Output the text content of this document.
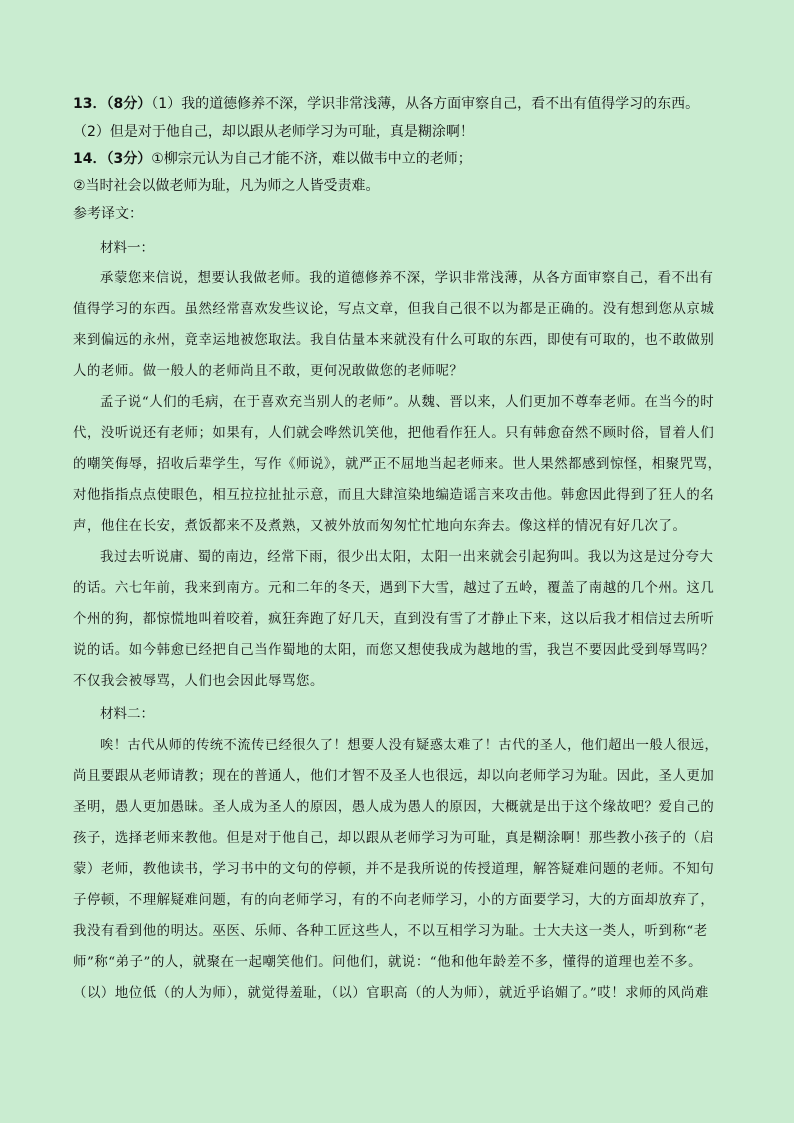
13．（8分）（1）我的道德修养不深，学识非常浅薄，从各方面审察自己，看不出有值得学习的东西。
（2）但是对于他自己，却以跟从老师学习为可耻，真是糊涂啊！
14．（3分）①柳宗元认为自己才能不济，难以做韦中立的老师；
②当时社会以做老师为耻，凡为师之人皆受责难。
参考译文：
材料一：
承蒙您来信说，想要认我做老师。我的道德修养不深，学识非常浅薄，从各方面审察自己，看不出有
值得学习的东西。虽然经常喜欢发些议论，写点文章，但我自己很不以为都是正确的。没有想到您从京城
来到偏远的永州，竟幸运地被您取法。我自估量本来就没有什么可取的东西，即使有可取的，也不敢做别
人的老师。做一般人的老师尚且不敢，更何况敢做您的老师呢？
孟子说“人们的毛病，在于喜欢充当别人的老师”。从魏、晋以来，人们更加不尊奉老师。在当今的时
代，没听说还有老师；如果有，人们就会哗然讥笑他，把他看作狂人。只有韩愈奋然不顾时俗，冒着人们
的嘲笑侮辱，招收后辈学生，写作《师说》，就严正不屈地当起老师来。世人果然都感到惊怪，相聚咒骂，
对他指指点点使眼色，相互拉拉扯扯示意，而且大肆渲染地编造谣言来攻击他。韩愈因此得到了狂人的名
声，他住在长安，煮饭都来不及煮熟，又被外放而匆匆忙忙地向东奔去。像这样的情况有好几次了。
我过去听说庸、蜀的南边，经常下雨，很少出太阳，太阳一出来就会引起狗叫。我以为这是过分夸大
的话。六七年前，我来到南方。元和二年的冬天，遇到下大雪，越过了五岭，覆盖了南越的几个州。这几
个州的狗，都惊慌地叫着咬着，疯狂奔跑了好几天，直到没有雪了才静止下来，这以后我才相信过去所听
说的话。如今韩愈已经把自己当作蜀地的太阳，而您又想使我成为越地的雪，我岂不要因此受到辱骂吗？
不仅我会被辱骂，人们也会因此辱骂您。
材料二：
唉！古代从师的传统不流传已经很久了！想要人没有疑惑太难了！古代的圣人，他们超出一般人很远，
尚且要跟从老师请教；现在的普通人，他们才智不及圣人也很远，却以向老师学习为耻。因此，圣人更加
圣明，愚人更加愚昧。圣人成为圣人的原因，愚人成为愚人的原因，大概就是出于这个缘故吧？爱自己的
孩子，选择老师来教他。但是对于他自己，却以跟从老师学习为可耻，真是糊涂啊！那些教小孩子的（启
蒙）老师，教他读书，学习书中的文句的停顿，并不是我所说的传授道理，解答疑难问题的老师。不知句
子停顿，不理解疑难问题，有的向老师学习，有的不向老师学习，小的方面要学习，大的方面却放弃了，
我没有看到他的明达。巫医、乐师、各种工匠这些人，不以互相学习为耻。士大夫这一类人，听到称“老
师”称“弟子”的人，就聚在一起嘲笑他们。问他们，就说：“他和他年龄差不多，懂得的道理也差不多。
（以）地位低（的人为师），就觉得羞耻，（以）官职高（的人为师），就近乎谄媚了。”哎！求师的风尚难
